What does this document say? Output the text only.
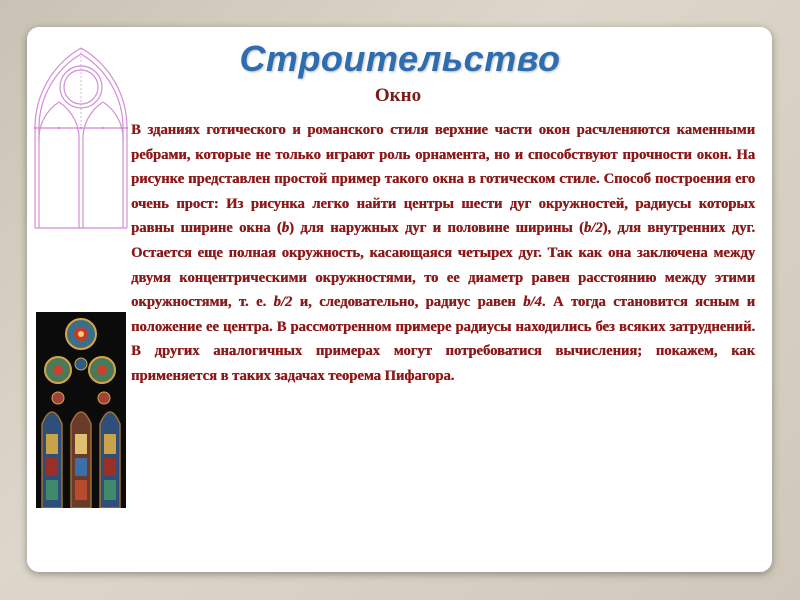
Строительство
Окно
В зданиях готического и романского стиля верхние части окон расчленяются каменными ребрами, которые не только играют роль орнамента, но и способствуют прочности окон. На рисунке представлен простой пример такого окна в готическом стиле. Способ построения его очень прост: Из рисунка легко найти центры шести дуг окружностей, радиусы которых равны ширине окна (b) для наружных дуг и половине ширины (b/2), для внутренних дуг. Остается еще полная окружность, касающаяся четырех дуг. Так как она заключена между двумя концентрическими окружностями, то ее диаметр равен расстоянию между этими окружностями, т. е. b/2 и, следовательно, радиус равен b/4. А тогда становится ясным и положение ее центра. В рассмотренном примере радиусы находились без всяких затруднений. В других аналогичных примерах могут потребоватися вычисления; покажем, как применяется в таких задачах теорема Пифагора.
